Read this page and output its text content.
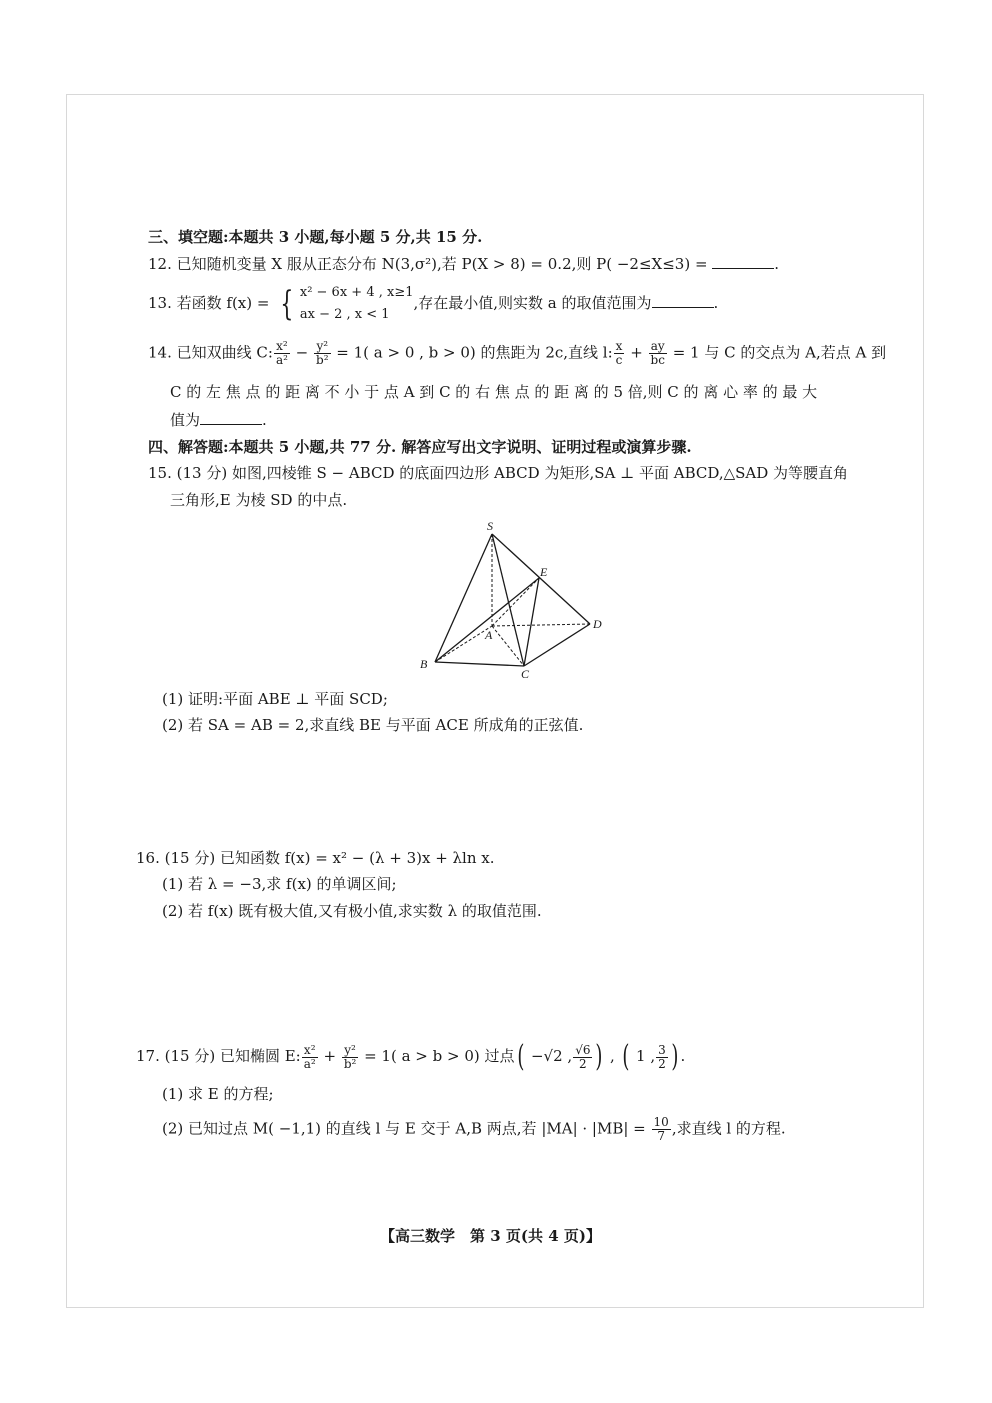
三、填空题:本题共 3 小题,每小题 5 分,共 15 分.
12. 已知随机变量 X 服从正态分布 N(3,σ²),若 P(X > 8) = 0.2,则 P( −2≤X≤3) =	.
13. 若函数 f(x) = { x² − 6x + 4 , x≥1
ax − 2 , x < 1
,存在最小值,则实数 a 的取值范围为	.
14. 已知双曲线 C: $\frac{\text{x²}}{\text{a²}} - \frac{\text{y²}}{\text{b²}} = 1$( a > 0 , b > 0) 的焦距为 2c,直线 l: $\frac{x}{c} + \frac{ay}{bc} = 1$ 与 C 的交点为 A,若点 A 到
C 的 左 焦 点 的 距 离 不 小 于 点 A 到 C 的 右 焦 点 的 距 离 的 5 倍,则 C 的 离 心 率 的 最 大
值为	.
四、解答题:本题共 5 小题,共 77 分. 解答应写出文字说明、证明过程或演算步骤.
15. (13 分) 如图,四棱锥 S − ABCD 的底面四边形 ABCD 为矩形,SA ⊥ 平面 ABCD,△SAD 为等腰直角
三角形,E 为棱 SD 的中点.
S
E
D
A
B
C
(1) 证明:平面 ABE ⊥ 平面 SCD;
(2) 若 SA = AB = 2,求直线 BE 与平面 ACE 所成角的正弦值.
16. (15 分) 已知函数 f(x) = x² − (λ + 3)x + λln x.
(1) 若 λ = −3,求 f(x) 的单调区间;
(2) 若 f(x) 既有极大值,又有极小值,求实数 λ 的取值范围.
17. (15 分) 已知椭圆 E: $\frac{\text{x²}}{\text{a²}} + \frac{\text{y²}}{\text{b²}} = 1$( a > b > 0) 过点( −√2 , $\frac{√6}{2}$ ) , ( 1 , $\frac{3}{2}$ ) .
(1) 求 E 的方程;
(2) 已知过点 M( −1,1) 的直线 l 与 E 交于 A,B 两点,若 $|MA| \cdot |MB| = \frac{10}{7}$ ,求直线 l 的方程.
【高三数学　第 3 页(共 4 页)】
